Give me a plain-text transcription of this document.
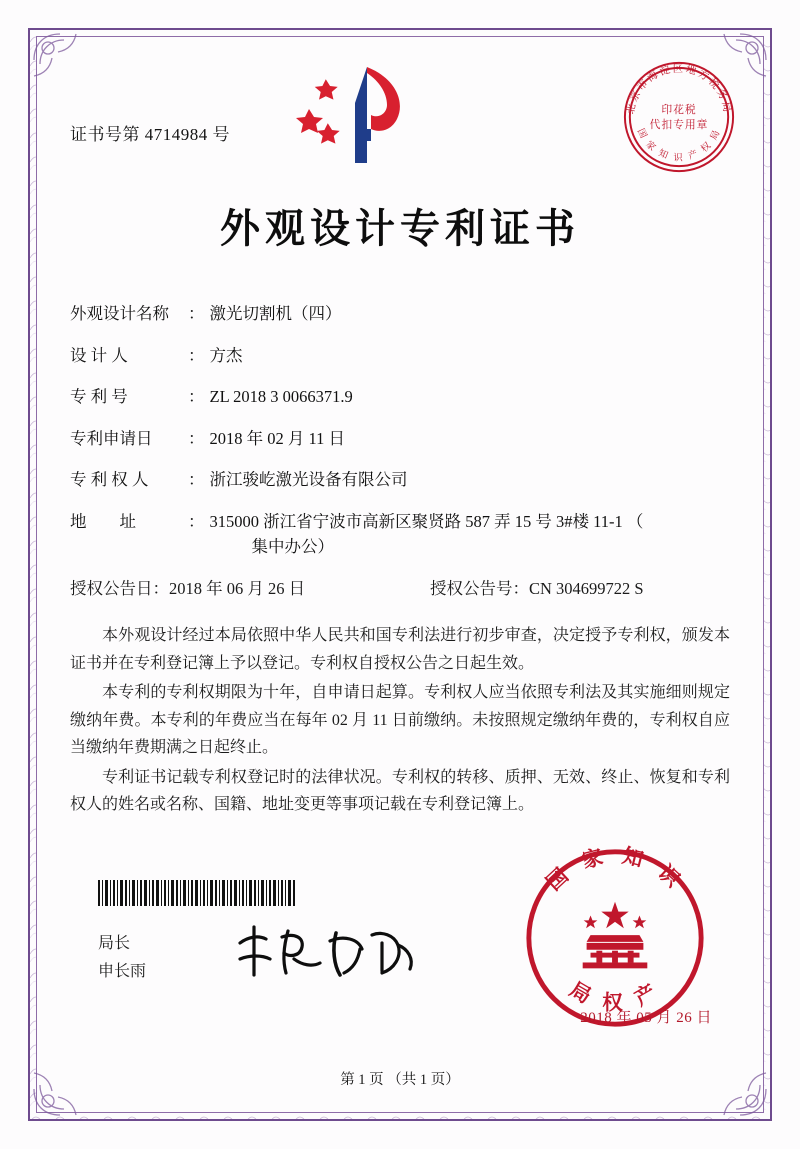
北京市海淀区地方税务局
国 家 知 识 产 权 局
印花税
代扣专用章
证书号第 4714984 号
外观设计专利证书
外观设计名称	： 激光切割机（四）
设 计 人	： 方杰
专 利 号	： ZL 2018 3 0066371.9
专利申请日	： 2018 年 02 月 11 日
专 利 权 人	： 浙江骏屹激光设备有限公司
地        址	： 315000 浙江省宁波市高新区聚贤路 587 弄 15 号 3#楼 11-1 （
集中办公）
授权公告日 ： 2018 年 06 月 26 日	授权公告号 ： CN 304699722 S

本外观设计经过本局依照中华人民共和国专利法进行初步审查，决定授予专利权，颁发本证书并在专利登记簿上予以登记。专利权自授权公告之日起生效。

本专利的专利权期限为十年，自申请日起算。专利权人应当依照专利法及其实施细则规定缴纳年费。本专利的年费应当在每年 02 月 11 日前缴纳。未按照规定缴纳年费的，专利权自应当缴纳年费期满之日起终止。

专利证书记载专利权登记时的法律状况。专利权的转移、质押、无效、终止、恢复和专利权人的姓名或名称、国籍、地址变更等事项记载在专利登记簿上。

局长
申长雨
国 家 知 识
局 权 产
2018 年 05 月 26 日
第 1 页 （共 1 页）
